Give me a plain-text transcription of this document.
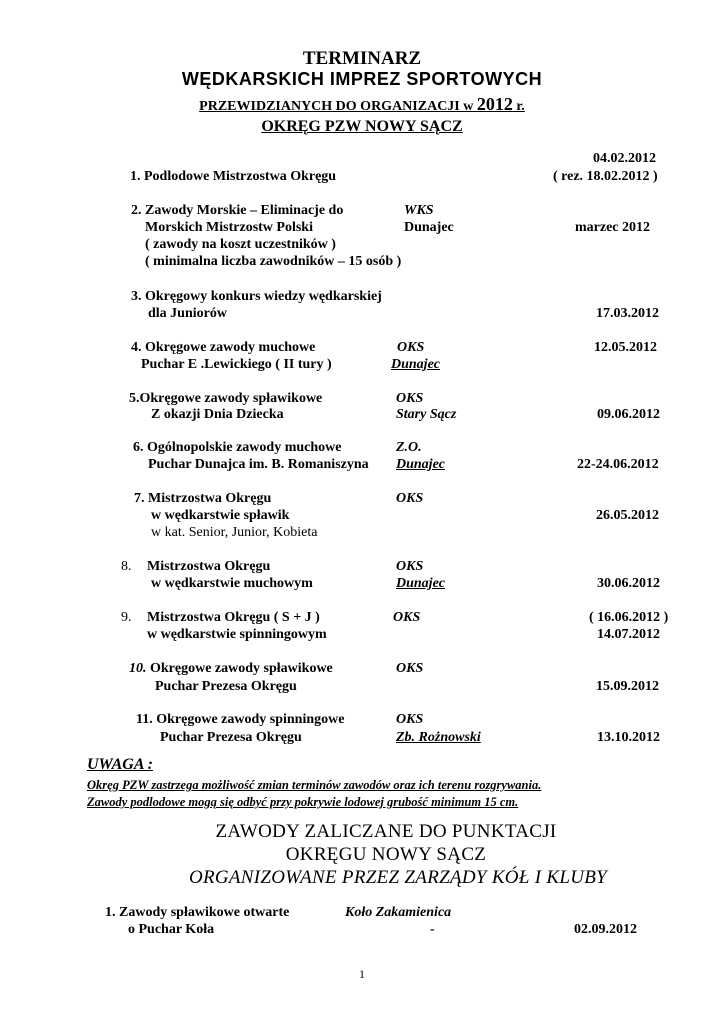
TERMINARZ
WĘDKARSKICH IMPREZ SPORTOWYCH
PRZEWIDZIANYCH DO ORGANIZACJI w 2012 r.
OKRĘG PZW NOWY SĄCZ
04.02.2012
1. Podlodowe Mistrzostwa Okręgu	( rez. 18.02.2012 )
2. Zawody Morskie – Eliminacje do	WKS
Morskich Mistrzostw Polski	Dunajec	marzec 2012
( zawody na koszt uczestników )
( minimalna liczba zawodników – 15 osób )
3. Okręgowy konkurs wiedzy wędkarskiej
dla Juniorów	17.03.2012
4. Okręgowe zawody muchowe	OKS	12.05.2012
Puchar E .Lewickiego ( II tury )	Dunajec
5.Okręgowe zawody spławikowe	OKS
Z okazji Dnia Dziecka	Stary Sącz	09.06.2012
6. Ogólnopolskie zawody muchowe	Z.O.
Puchar Dunajca im. B. Romaniszyna Dunajec	22-24.06.2012
7. Mistrzostwa Okręgu	OKS
w wędkarstwie spławik	26.05.2012
w kat. Senior, Junior, Kobieta
8. Mistrzostwa Okręgu	OKS
w wędkarstwie muchowym	Dunajec	30.06.2012
9. Mistrzostwa Okręgu ( S + J )	OKS	( 16.06.2012 )
w wędkarstwie spinningowym	14.07.2012
10. Okręgowe zawody spławikowe	OKS
Puchar Prezesa Okręgu	15.09.2012
11. Okręgowe zawody spinningowe	OKS
Puchar Prezesa Okręgu	Zb. Rożnowski	13.10.2012
UWAGA :
Okręg PZW zastrzega możliwość zmian terminów zawodów oraz ich terenu rozgrywania.
Zawody podlodowe mogą się odbyć przy pokrywie lodowej grubość minimum 15 cm.
ZAWODY ZALICZANE DO PUNKTACJI
OKRĘGU NOWY SĄCZ
ORGANIZOWANE PRZEZ ZARZĄDY KÓŁ I KLUBY
1. Zawody spławikowe otwarte	Koło Zakamienica
o Puchar Koła	-	02.09.2012
1
